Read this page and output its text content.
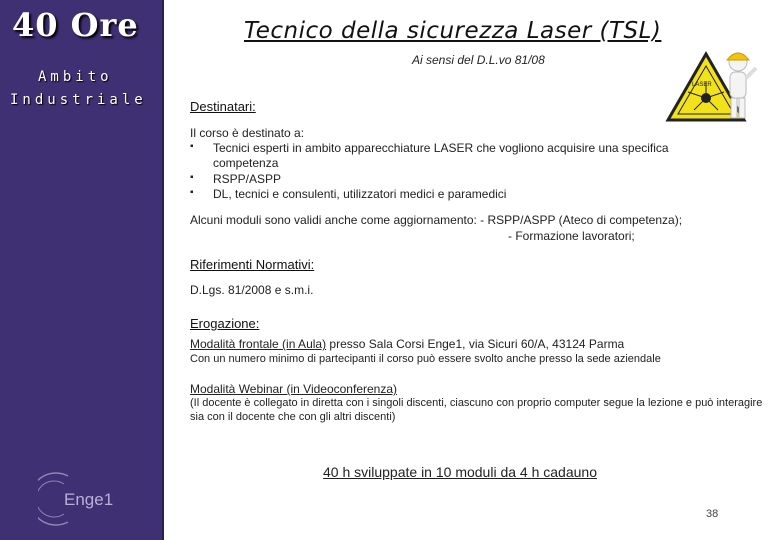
40 Ore
Ambito
Industriale
Enge1
Tecnico della sicurezza Laser (TSL)
Ai sensi del D.L.vo 81/08
LASER
Destinatari:
Il corso è destinato a:
▪ Tecnici esperti in ambito apparecchiature LASER che vogliono acquisire una specifica competenza
▪ RSPP/ASPP
▪ DL, tecnici e consulenti, utilizzatori medici e paramedici
Alcuni moduli sono validi anche come aggiornamento: - RSPP/ASPP (Ateco di competenza);
- Formazione lavoratori;
Riferimenti Normativi:
D.Lgs. 81/2008 e s.m.i.
Erogazione:
Modalità frontale (in Aula) presso Sala Corsi Enge1, via Sicuri 60/A, 43124 Parma
Con un numero minimo di partecipanti il corso può essere svolto anche presso la sede aziendale
Modalità Webinar (in Videoconferenza)
(Il docente è collegato in diretta con i singoli discenti, ciascuno con proprio computer segue la lezione e può interagire
sia con il docente che con gli altri discenti)
40 h sviluppate in 10 moduli da 4 h cadauno
38
